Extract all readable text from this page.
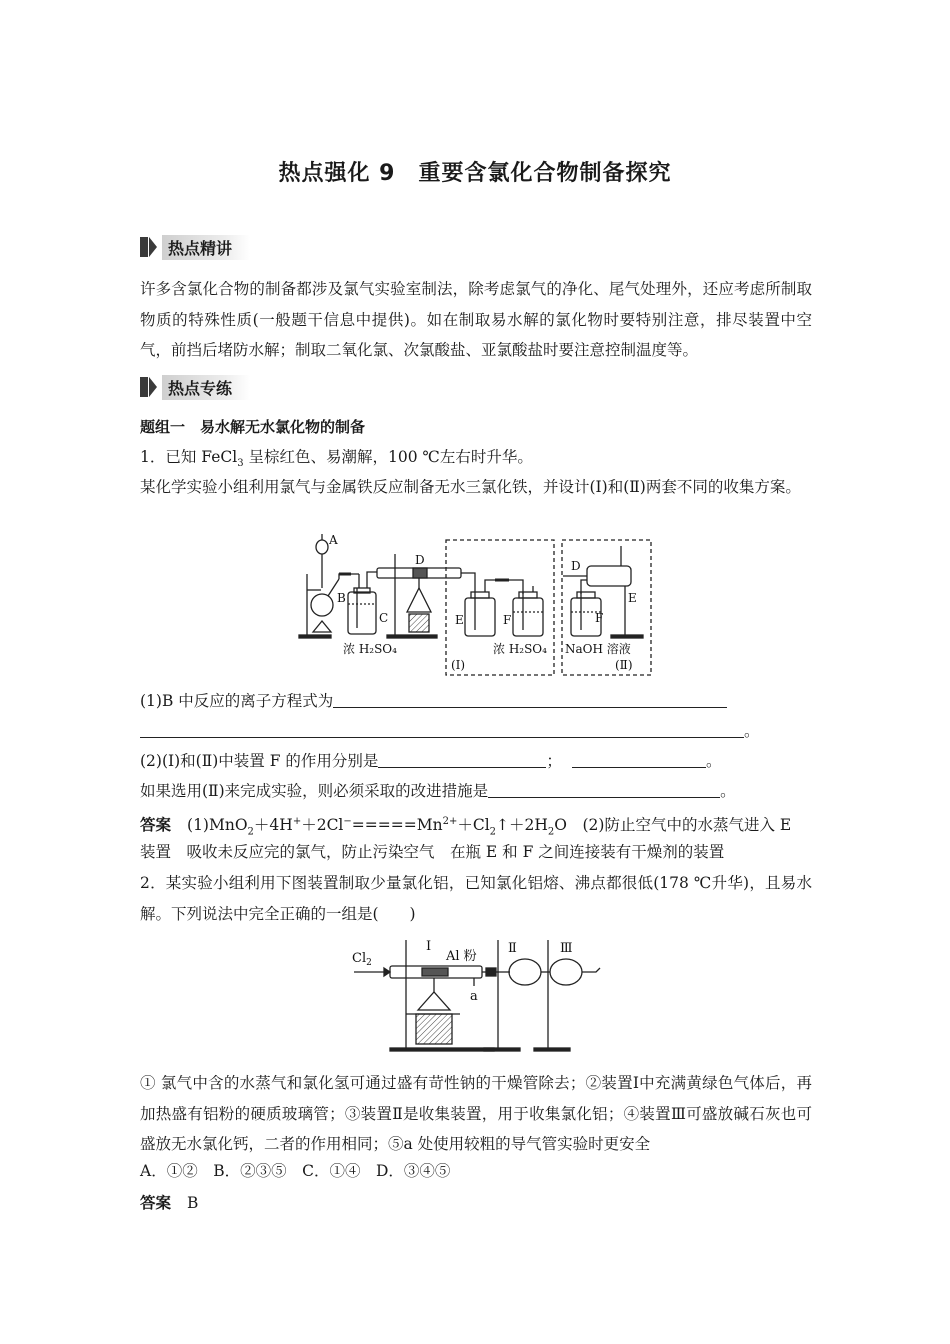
热点强化 9　重要含氯化合物制备探究
热点精讲
许多含氯化合物的制备都涉及氯气实验室制法，除考虑氯气的净化、尾气处理外，还应考虑所制取物质的特殊性质(一般题干信息中提供)。如在制取易水解的氯化物时要特别注意，排尽装置中空气，前挡后堵防水解；制取二氧化氯、次氯酸盐、亚氯酸盐时要注意控制温度等。
热点专练
题组一　易水解无水氯化物的制备
1．已知 FeCl$_3$ 呈棕红色、易潮解，100 ℃左右时升华。
某化学实验小组利用氯气与金属铁反应制备无水三氯化铁，并设计(Ⅰ)和(Ⅱ)两套不同的收集方案。
A
B
C
D
E	F
E
F
D
浓 H₂SO₄	浓 H₂SO₄ NaOH 溶液
(Ⅰ)	(Ⅱ)
(1)B 中反应的离子方程式为
。
(2)(Ⅰ)和(Ⅱ)中装置 F 的作用分别是	；	。
如果选用(Ⅱ)来完成实验，则必须采取的改进措施是	。
答案 $(1)MnO_2+4H^++2Cl^-=====Mn^{2+}+Cl_2↑+2H_2O$　(2)防止空气中的水蒸气进入 E
装置　吸收未反应完的氯气，防止污染空气　在瓶 E 和 F 之间连接装有干燥剂的装置
2．某实验小组利用下图装置制取少量氯化铝，已知氯化铝熔、沸点都很低(178 ℃升华)，且易水解。下列说法中完全正确的一组是(　　)
$Cl_2$
Ⅰ
Al 粉
Ⅱ	Ⅲ
a
① 氯气中含的水蒸气和氯化氢可通过盛有苛性钠的干燥管除去；②装置Ⅰ中充满黄绿色气体后，再加热盛有铝粉的硬质玻璃管；③装置Ⅱ是收集装置，用于收集氯化铝；④装置Ⅲ可盛放碱石灰也可盛放无水氯化钙，二者的作用相同；⑤a 处使用较粗的导气管实验时更安全
A．①②　B．②③⑤　C．①④　D．③④⑤
答案 B
